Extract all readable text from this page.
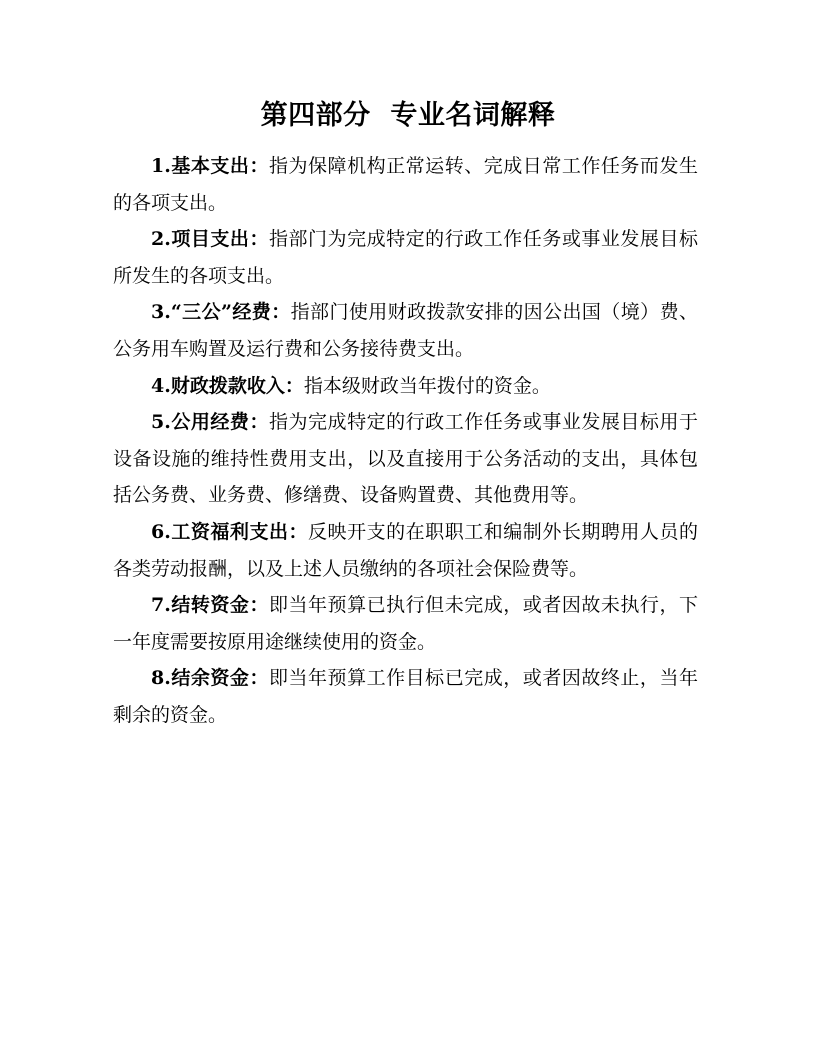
第四部分  专业名词解释

1.基本支出：指为保障机构正常运转、完成日常工作任务而发生的各项支出。

2.项目支出：指部门为完成特定的行政工作任务或事业发展目标所发生的各项支出。

3.“三公”经费：指部门使用财政拨款安排的因公出国（境）费、公务用车购置及运行费和公务接待费支出。

4.财政拨款收入：指本级财政当年拨付的资金。

5.公用经费：指为完成特定的行政工作任务或事业发展目标用于设备设施的维持性费用支出，以及直接用于公务活动的支出，具体包括公务费、业务费、修缮费、设备购置费、其他费用等。

6.工资福利支出：反映开支的在职职工和编制外长期聘用人员的各类劳动报酬，以及上述人员缴纳的各项社会保险费等。

7.结转资金：即当年预算已执行但未完成，或者因故未执行，下一年度需要按原用途继续使用的资金。

8.结余资金：即当年预算工作目标已完成，或者因故终止，当年剩余的资金。
